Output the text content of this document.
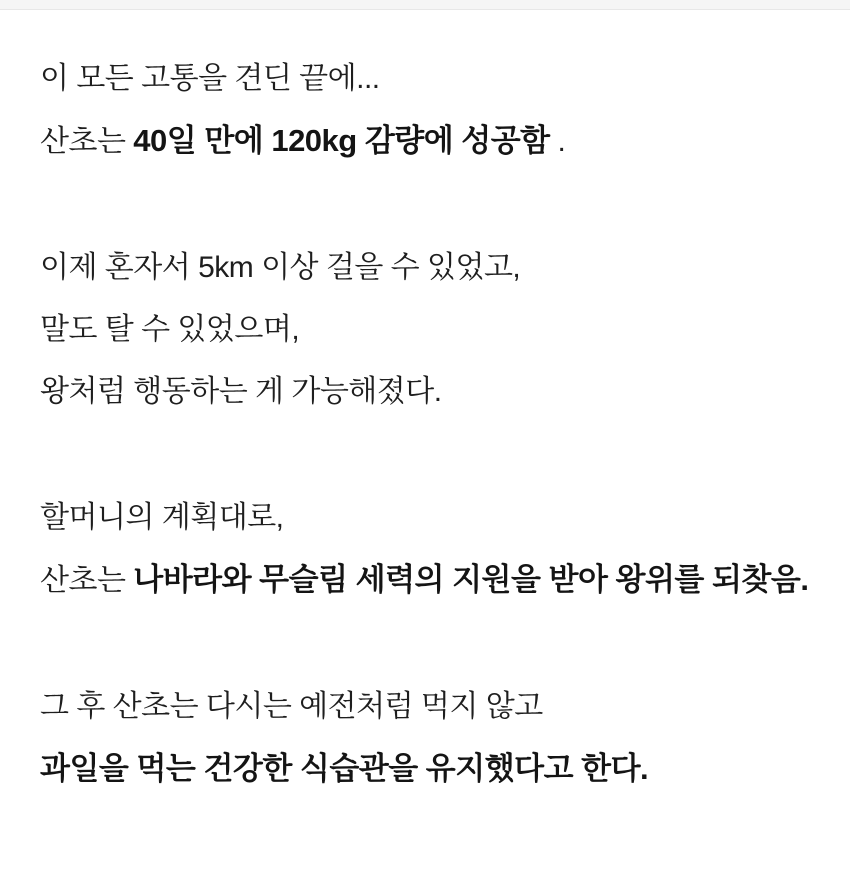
이 모든 고통을 견딘 끝에...

산초는 40일 만에 120kg 감량에 성공함 .

이제 혼자서 5km 이상 걸을 수 있었고,

말도 탈 수 있었으며,

왕처럼 행동하는 게 가능해졌다.

할머니의 계획대로,

산초는 나바라와 무슬림 세력의 지원을 받아 왕위를 되찾음.

그 후 산초는 다시는 예전처럼 먹지 않고

과일을 먹는 건강한 식습관을 유지했다고 한다.
